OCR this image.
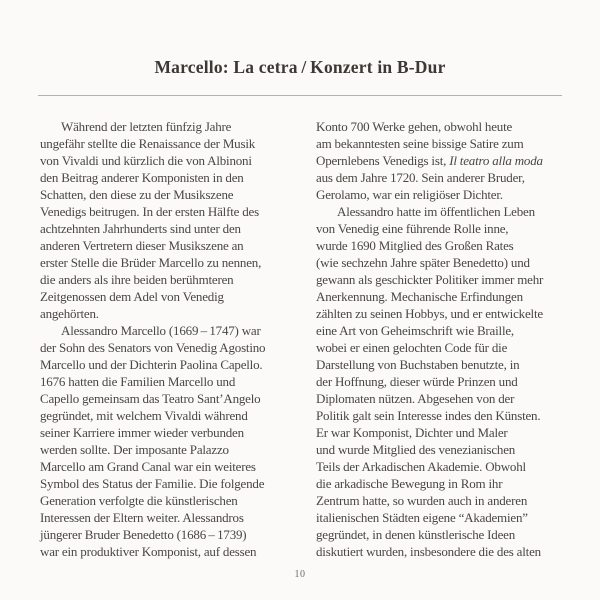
Marcello: La cetra / Konzert in B-Dur
Während der letzten fünfzig Jahre
ungefähr stellte die Renaissance der Musik
von Vivaldi und kürzlich die von Albinoni
den Beitrag anderer Komponisten in den
Schatten, den diese zu der Musikszene
Venedigs beitrugen. In der ersten Hälfte des
achtzehnten Jahrhunderts sind unter den
anderen Vertretern dieser Musikszene an
erster Stelle die Brüder Marcello zu nennen,
die anders als ihre beiden berühmteren
Zeitgenossen dem Adel von Venedig
angehörten.
Alessandro Marcello (1669 – 1747) war
der Sohn des Senators von Venedig Agostino
Marcello und der Dichterin Paolina Capello.
1676 hatten die Familien Marcello und
Capello gemeinsam das Teatro Sant’Angelo
gegründet, mit welchem Vivaldi während
seiner Karriere immer wieder verbunden
werden sollte. Der imposante Palazzo
Marcello am Grand Canal war ein weiteres
Symbol des Status der Familie. Die folgende
Generation verfolgte die künstlerischen
Interessen der Eltern weiter. Alessandros
jüngerer Bruder Benedetto (1686 – 1739)
war ein produktiver Komponist, auf dessen
Konto 700 Werke gehen, obwohl heute
am bekanntesten seine bissige Satire zum
Opernlebens Venedigs ist, Il teatro alla moda
aus dem Jahre 1720. Sein anderer Bruder,
Gerolamo, war ein religiöser Dichter.
Alessandro hatte im öffentlichen Leben
von Venedig eine führende Rolle inne,
wurde 1690 Mitglied des Großen Rates
(wie sechzehn Jahre später Benedetto) und
gewann als geschickter Politiker immer mehr
Anerkennung. Mechanische Erfindungen
zählten zu seinen Hobbys, und er entwickelte
eine Art von Geheimschrift wie Braille,
wobei er einen gelochten Code für die
Darstellung von Buchstaben benutzte, in
der Hoffnung, dieser würde Prinzen und
Diplomaten nützen. Abgesehen von der
Politik galt sein Interesse indes den Künsten.
Er war Komponist, Dichter und Maler
und wurde Mitglied des venezianischen
Teils der Arkadischen Akademie. Obwohl
die arkadische Bewegung in Rom ihr
Zentrum hatte, so wurden auch in anderen
italienischen Städten eigene “Akademien”
gegründet, in denen künstlerische Ideen
diskutiert wurden, insbesondere die des alten
10
